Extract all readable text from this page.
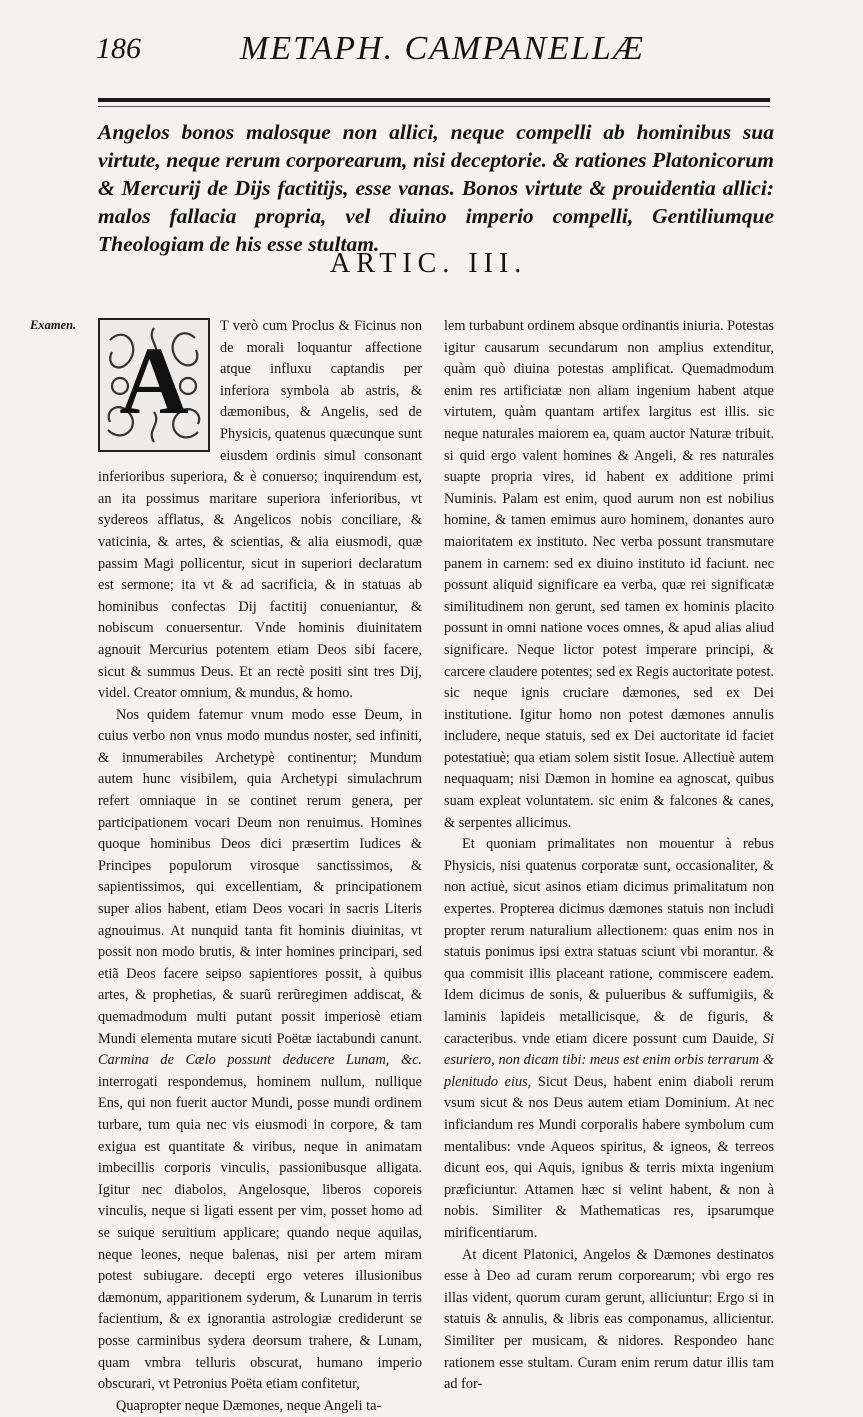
186	METAPH. CAMPANELLÆ

Angelos bonos malosque non allici, neque compelli ab hominibus sua virtute, neque rerum corporearum, nisi deceptorie. & rationes Platonicorum & Mercurij de Dijs factitijs, esse vanas. Bonos virtute & prouidentia allici: malos fallacia propria, vel diuino imperio compelli, Gentiliumque Theologiam de his esse stultam.

ARTIC. III.
Examen.
A

T verò cum Proclus & Ficinus non de morali loquantur affectione atque influxu captandis per inferiora symbola ab astris, & dæmonibus, & Angelis, sed de Physicis, quatenus quæcunque sunt eiusdem ordinis simul consonant inferioribus superiora, & è conuerso; inquirendum est, an ita possimus maritare superiora inferioribus, vt sydereos afflatus, & Angelicos nobis conciliare, & vaticinia, & artes, & scientias, & alia eiusmodi, quæ passim Magi pollicentur, sicut in superiori declaratum est sermone; ita vt & ad sacrificia, & in statuas ab hominibus confectas Dij factitij conueniantur, & nobiscum conuersentur. Vnde hominis diuinitatem agnouit Mercurius potentem etiam Deos sibi facere, sicut & summus Deus. Et an rectè positi sint tres Dij, videl. Creator omnium, & mundus, & homo.

Nos quidem fatemur vnum modo esse Deum, in cuius verbo non vnus modo mundus noster, sed infiniti, & innumerabiles Archetypè continentur; Mundum autem hunc visibilem, quia Archetypi simulachrum refert omniaque in se continet rerum genera, per participationem vocari Deum non renuimus. Homines quoque hominibus Deos dici præsertim Iudices & Principes populorum virosque sanctissimos, & sapientissimos, qui excellentiam, & principationem super alios habent, etiam Deos vocari in sacris Literis agnouimus. At nunquid tanta fit hominis diuinitas, vt possit non modo brutis, & inter homines principari, sed etiã Deos facere seipso sapientiores possit, à quibus artes, & prophetias, & suarũ rerũregimen addiscat, & quemadmodum multi putant possit imperiosè etiam Mundi elementa mutare sicuti Poëtæ iactabundi canunt. Carmina de Cælo possunt deducere Lunam, &c. interrogati respondemus, hominem nullum, nullique Ens, qui non fuerit auctor Mundi, posse mundi ordinem turbare, tum quia nec vis eiusmodi in corpore, & tam exigua est quantitate & viribus, neque in animatam imbecillis corporis vinculis, passionibusque alligata. Igitur nec diabolos, Angelosque, liberos coporeis vinculis, neque si ligati essent per vim, posset homo ad se suique seruitium applicare; quando neque aquilas, neque leones, neque balenas, nisi per artem miram potest subiugare. decepti ergo veteres illusionibus dæmonum, apparitionem syderum, & Lunarum in terris facientium, & ex ignorantia astrologiæ crediderunt se posse carminibus sydera deorsum trahere, & Lunam, quam vmbra telluris obscurat, humano imperio obscurari, vt Petronius Poëta etiam confitetur,

Quapropter neque Dæmones, neque Angeli ta-

lem turbabunt ordinem absque ordinantis iniuria. Potestas igitur causarum secundarum non amplius extenditur, quàm quò diuina potestas amplificat. Quemadmodum enim res artificiatæ non aliam ingenium habent atque virtutem, quàm quantam artifex largitus est illis. sic neque naturales maiorem ea, quam auctor Naturæ tribuit. si quid ergo valent homines & Angeli, & res naturales suapte propria vires, id habent ex additione primi Numinis. Palam est enim, quod aurum non est nobilius homine, & tamen emimus auro hominem, donantes auro maioritatem ex instituto. Nec verba possunt transmutare panem in carnem: sed ex diuino instituto id faciunt. nec possunt aliquid significare ea verba, quæ rei significatæ similitudinem non gerunt, sed tamen ex hominis placito possunt in omni natione voces omnes, & apud alias aliud significare. Neque lictor potest imperare principi, & carcere claudere potentes; sed ex Regis auctoritate potest. sic neque ignis cruciare dæmones, sed ex Dei institutione. Igitur homo non potest dæmones annulis includere, neque statuis, sed ex Dei auctoritate id faciet potestatiuè; qua etiam solem sistit Iosue. Allectiuè autem nequaquam; nisi Dæmon in homine ea agnoscat, quibus suam expleat voluntatem. sic enim & falcones & canes, & serpentes allicimus.

Et quoniam primalitates non mouentur à rebus Physicis, nisi quatenus corporatæ sunt, occasionaliter, & non actiuè, sicut asinos etiam dicimus primalitatum non expertes. Propterea dicimus dæmones statuis non includi propter rerum naturalium allectionem: quas enim nos in statuis ponimus ipsi extra statuas sciunt vbi morantur. & qua commisit illis placeant ratione, commiscere eadem. Idem dicimus de sonis, & pulueribus & suffumigiis, & laminis lapideis metallicisque, & de figuris, & caracteribus. vnde etiam dicere possunt cum Dauide, Si esuriero, non dicam tibi: meus est enim orbis terrarum & plenitudo eius, Sicut Deus, habent enim diaboli rerum vsum sicut & nos Deus autem etiam Dominium. At nec inficiandum res Mundi corporalis habere symbolum cum mentalibus: vnde Aqueos spiritus, & igneos, & terreos dicunt eos, qui Aquis, ignibus & terris mixta ingenium præficiuntur. Attamen hæc si velint habent, & non à nobis. Similiter & Mathematicas res, ipsarumque mirificentiarum.

At dicent Platonici, Angelos & Dæmones destinatos esse à Deo ad curam rerum corporearum; vbi ergo res illas vident, quorum curam gerunt, alliciuntur: Ergo si in statuis & annulis, & libris eas componamus, allicientur. Similiter per musicam, & nidores. Respondeo hanc rationem esse stultam. Curam enim rerum datur illis tam ad for-
